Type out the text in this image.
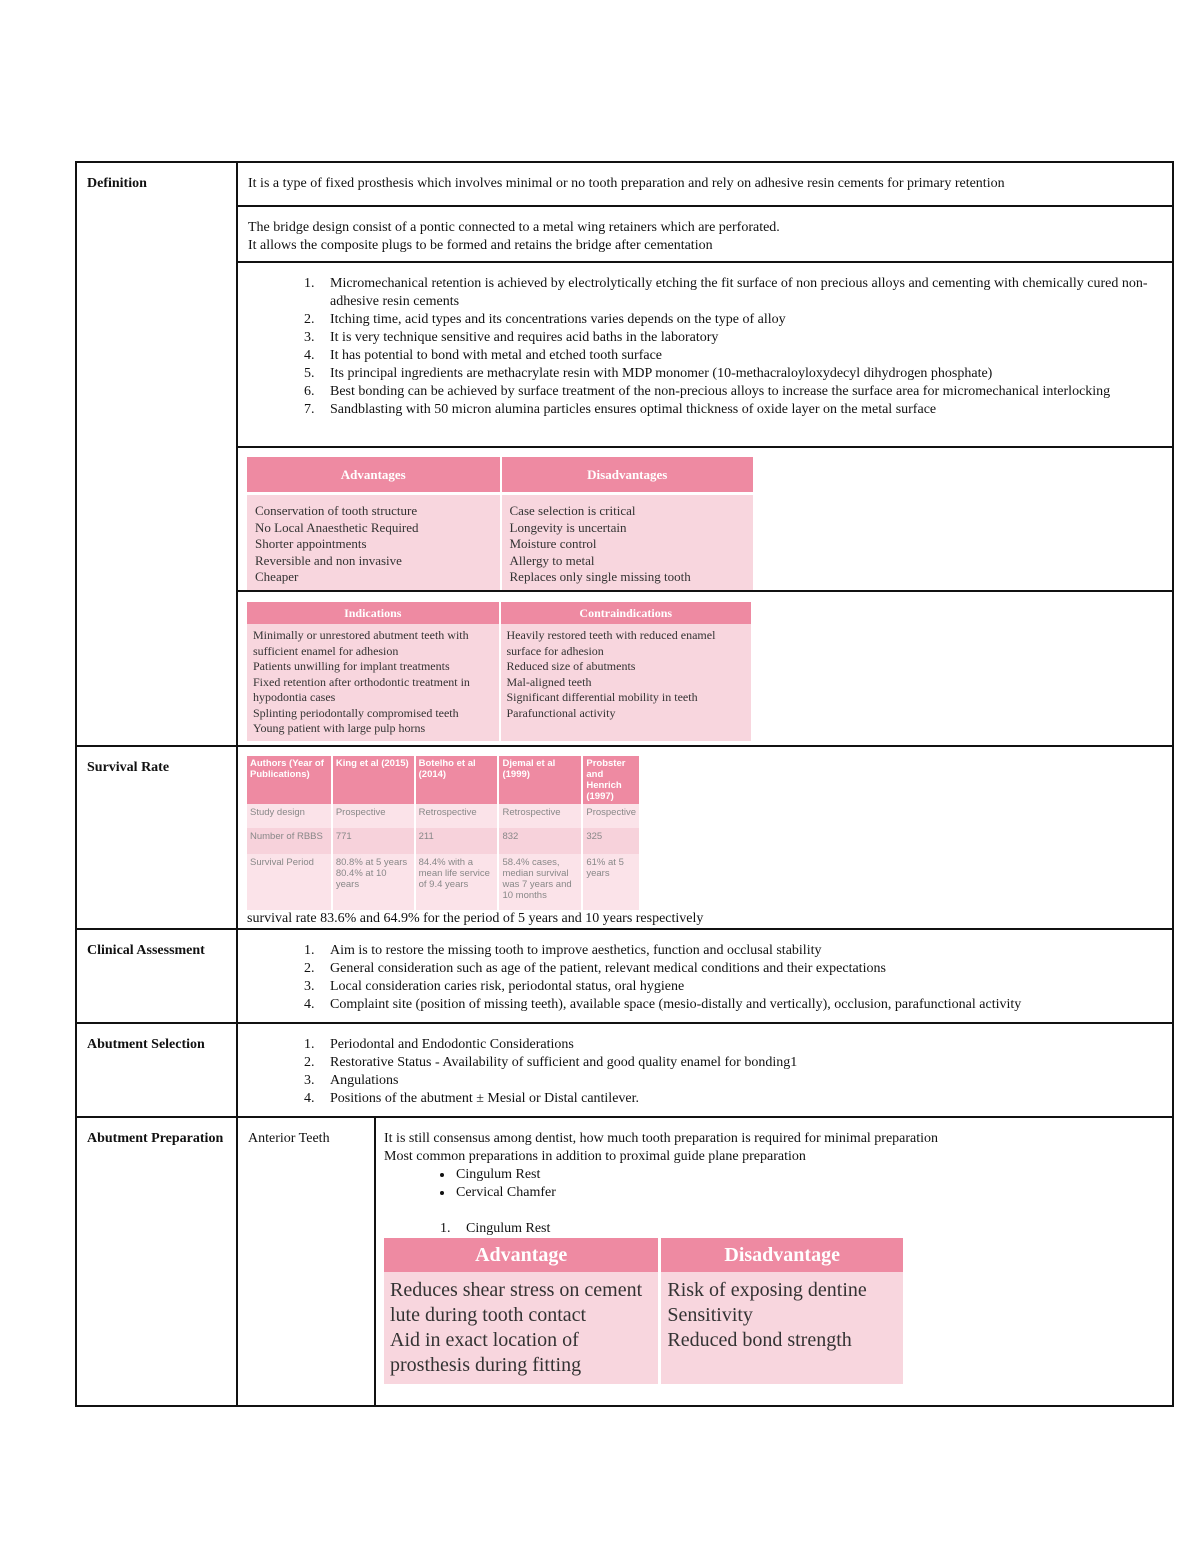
Definition	It is a type of fixed prosthesis which involves minimal or no tooth preparation and rely on adhesive resin cements for primary retention

The bridge design consist of a pontic connected to a metal wing retainers which are perforated.
It allows the composite plugs to be formed and retains the bridge after cementation

1. Micromechanical retention is achieved by electrolytically etching the fit surface of non precious alloys and cementing with chemically cured non-adhesive resin cements
2. Itching time, acid types and its concentrations varies depends on the type of alloy
3. It is very technique sensitive and requires acid baths in the laboratory
4. It has potential to bond with metal and etched tooth surface
5. Its principal ingredients are methacrylate resin with MDP monomer (10-methacraloyloxydecyl dihydrogen phosphate)
6. Best bonding can be achieved by surface treatment of the non-precious alloys to increase the surface area for micromechanical interlocking
7. Sandblasting with 50 micron alumina particles ensures optimal thickness of oxide layer on the metal surface

Advantages	Disadvantages

Conservation of tooth structure
No Local Anaesthetic Required
Shorter appointments
Reversible and non invasive
Cheaper

Case selection is critical
Longevity is uncertain
Moisture control
Allergy to metal
Replaces only single missing tooth

Indications	Contraindications

Minimally or unrestored abutment teeth with sufficient enamel for adhesion
Patients unwilling for implant treatments
Fixed retention after orthodontic treatment in hypodontia cases
Splinting periodontally compromised teeth
Young patient with large pulp horns

Heavily restored teeth with reduced enamel surface for adhesion
Reduced size of abutments
Mal-aligned teeth
Significant differential mobility in teeth
Parafunctional activity

Survival Rate		Authors (Year of Publications)	King et al (2015)	Botelho et al (2014)	Djemal et al (1999)	Probster and Henrich (1997)
Study design	Prospective	Retrospective	Retrospective	Prospective
Number of RBBS	771	211	832	325
Survival Period	80.8% at 5 years 80.4% at 10 years	84.4% with a mean life service of 9.4 years	58.4% cases, median survival was 7 years and 10 months	61% at 5 years
survival rate 83.6% and 64.9% for the period of 5 years and 10 years respectively

Clinical Assessment	
1.Aim is to restore the missing tooth to improve aesthetics, function and occlusal stability
2. General consideration such as age of the patient, relevant medical conditions and their expectations
3. Local consideration caries risk, periodontal status, oral hygiene
4. Complaint site (position of missing teeth), available space (mesio-distally and vertically), occlusion, parafunctional activity

Abutment Selection	
1.Periodontal and Endodontic Considerations
2. Restorative Status - Availability of sufficient and good quality enamel for bonding1
3. Angulations
4. Positions of the abutment ± Mesial or Distal cantilever.

Abutment Preparation	Anterior Teeth	It is still consensus among dentist, how much tooth preparation is required for minimal preparation
Most common preparations in addition to proximal guide plane preparation
• Cingulum Rest
• Cervical Chamfer
1. Cingulum Rest
Advantage	Disadvantage

Reduces shear stress on cement lute during tooth contact
Aid in exact location of prosthesis during fitting

Risk of exposing dentine
Sensitivity
Reduced bond strength
